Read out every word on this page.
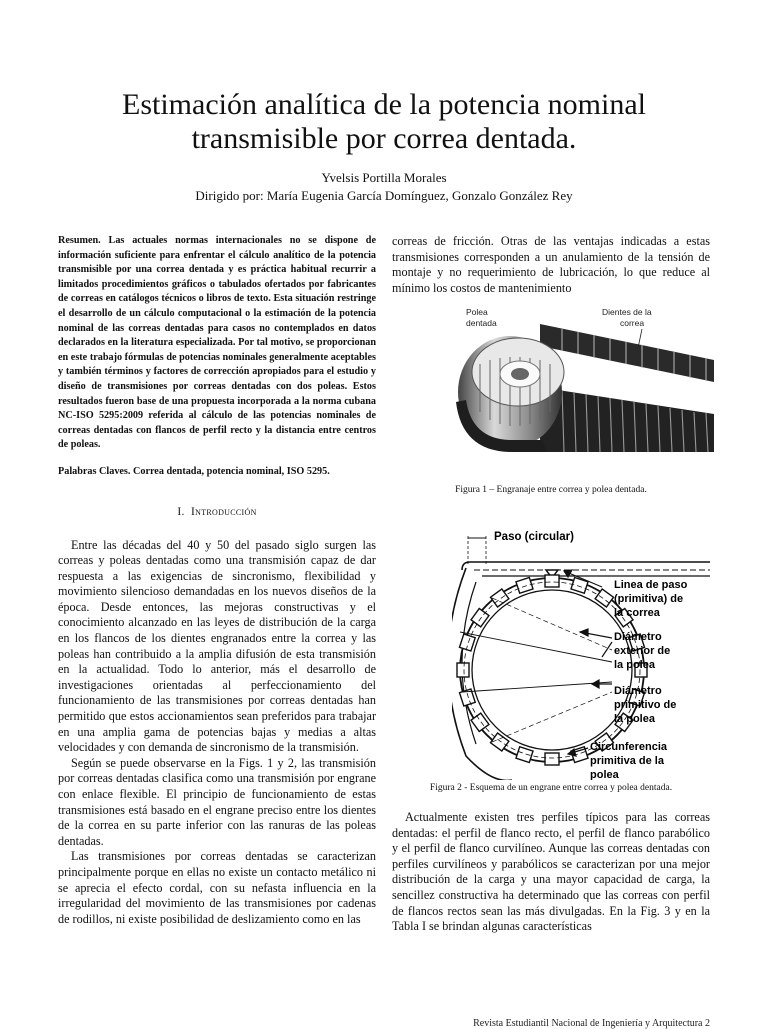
Estimación analítica de la potencia nominal transmisible por correa dentada.
Yvelsis Portilla Morales
Dirigido por: María Eugenia García Domínguez, Gonzalo González Rey

Resumen. Las actuales normas internacionales no se dispone de información suficiente para enfrentar el cálculo analítico de la potencia transmisible por una correa dentada y es práctica habitual recurrir a limitados procedimientos gráficos o tabulados ofertados por fabricantes de correas en catálogos técnicos o libros de texto. Esta situación restringe el desarrollo de un cálculo computacional o la estimación de la potencia nominal de las correas dentadas para casos no contemplados en datos declarados en la literatura especializada. Por tal motivo, se proporcionan en este trabajo fórmulas de potencias nominales generalmente aceptables y también términos y factores de corrección apropiados para el estudio y diseño de transmisiones por correas dentadas con dos poleas. Estos resultados fueron base de una propuesta incorporada a la norma cubana NC-ISO 5295:2009 referida al cálculo de las potencias nominales de correas dentadas con flancos de perfil recto y la distancia entre centros de poleas.

Palabras Claves. Correa dentada, potencia nominal, ISO 5295.

I. Introducción

Entre las décadas del 40 y 50 del pasado siglo surgen las correas y poleas dentadas como una transmisión capaz de dar respuesta a las exigencias de sincronismo, flexibilidad y movimiento silencioso demandadas en los nuevos diseños de la época. Desde entonces, las mejoras constructivas y el conocimiento alcanzado en las leyes de distribución de la carga en los flancos de los dientes engranados entre la correa y las poleas han contribuido a la amplia difusión de esta transmisión en la actualidad. Todo lo anterior, más el desarrollo de investigaciones orientadas al perfeccionamiento del funcionamiento de las transmisiones por correas dentadas han permitido que estos accionamientos sean preferidos para trabajar en una amplia gama de potencias bajas y medias a altas velocidades y con demanda de sincronismo de la transmisión.

Según se puede observarse en la Figs. 1 y 2, las transmisión por correas dentadas clasifica como una transmisión por engrane con enlace flexible. El principio de funcionamiento de estas transmisiones está basado en el engrane preciso entre los dientes de la correa en su parte inferior con las ranuras de las poleas dentadas.

Las transmisiones por correas dentadas se caracterizan principalmente porque en ellas no existe un contacto metálico ni se aprecia el efecto cordal, con su nefasta influencia en la irregularidad del movimiento de las transmisiones por cadenas de rodillos, ni existe posibilidad de deslizamiento como en las

correas de fricción. Otras de las ventajas indicadas a estas transmisiones corresponden a un anulamiento de la tensión de montaje y no requerimiento de lubricación, lo que reduce al mínimo los costos de mantenimiento

Polea
dentada
Dientes de la
correa
Figura 1 – Engranaje entre correa y polea dentada.
Paso (circular)
Linea de paso
(primitiva) de
la correa
Diámetro
exterior de
la polea
Diámetro
primitivo de
la polea
Circunferencia
primitiva de la
polea
Figura 2 - Esquema de un engrane entre correa y polea dentada.

Actualmente existen tres perfiles típicos para las correas dentadas: el perfil de flanco recto, el perfil de flanco parabólico y el perfil de flanco curvilíneo. Aunque las correas dentadas con perfiles curvilíneos y parabólicos se caracterizan por una mejor distribución de la carga y una mayor capacidad de carga, la sencillez constructiva ha determinado que las correas con perfil de flancos rectos sean las más divulgadas. En la Fig. 3 y en la Tabla I se brindan algunas características

Revista Estudiantil Nacional de Ingeniería y Arquitectura 2
